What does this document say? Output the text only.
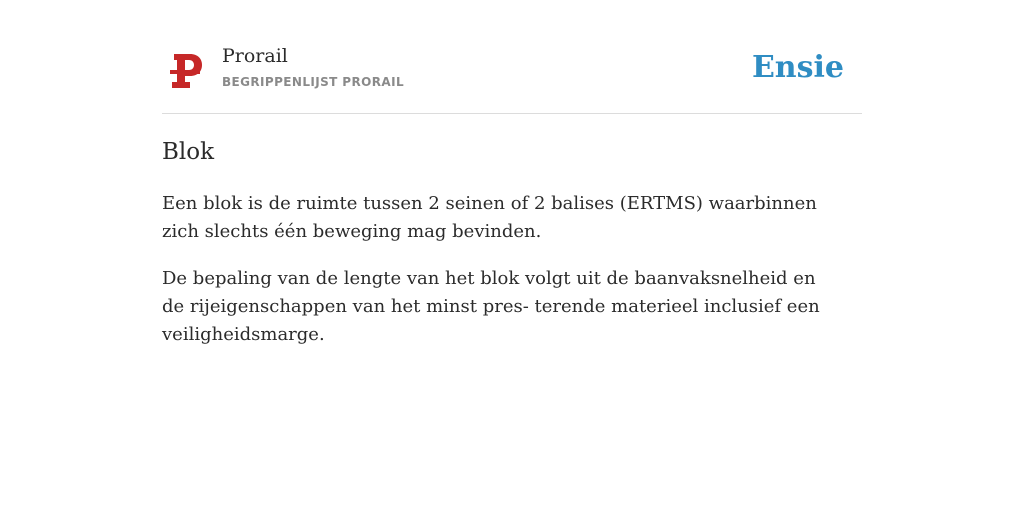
Prorail
BEGRIPPENLIJST PRORAIL	Ensie
Blok

Een blok is de ruimte tussen 2 seinen of 2 balises (ERTMS) waarbinnen zich slechts één beweging mag bevinden.

De bepaling van de lengte van het blok volgt uit de baanvaksnelheid en de rijeigenschappen van het minst pres- terende materieel inclusief een veiligheidsmarge.
